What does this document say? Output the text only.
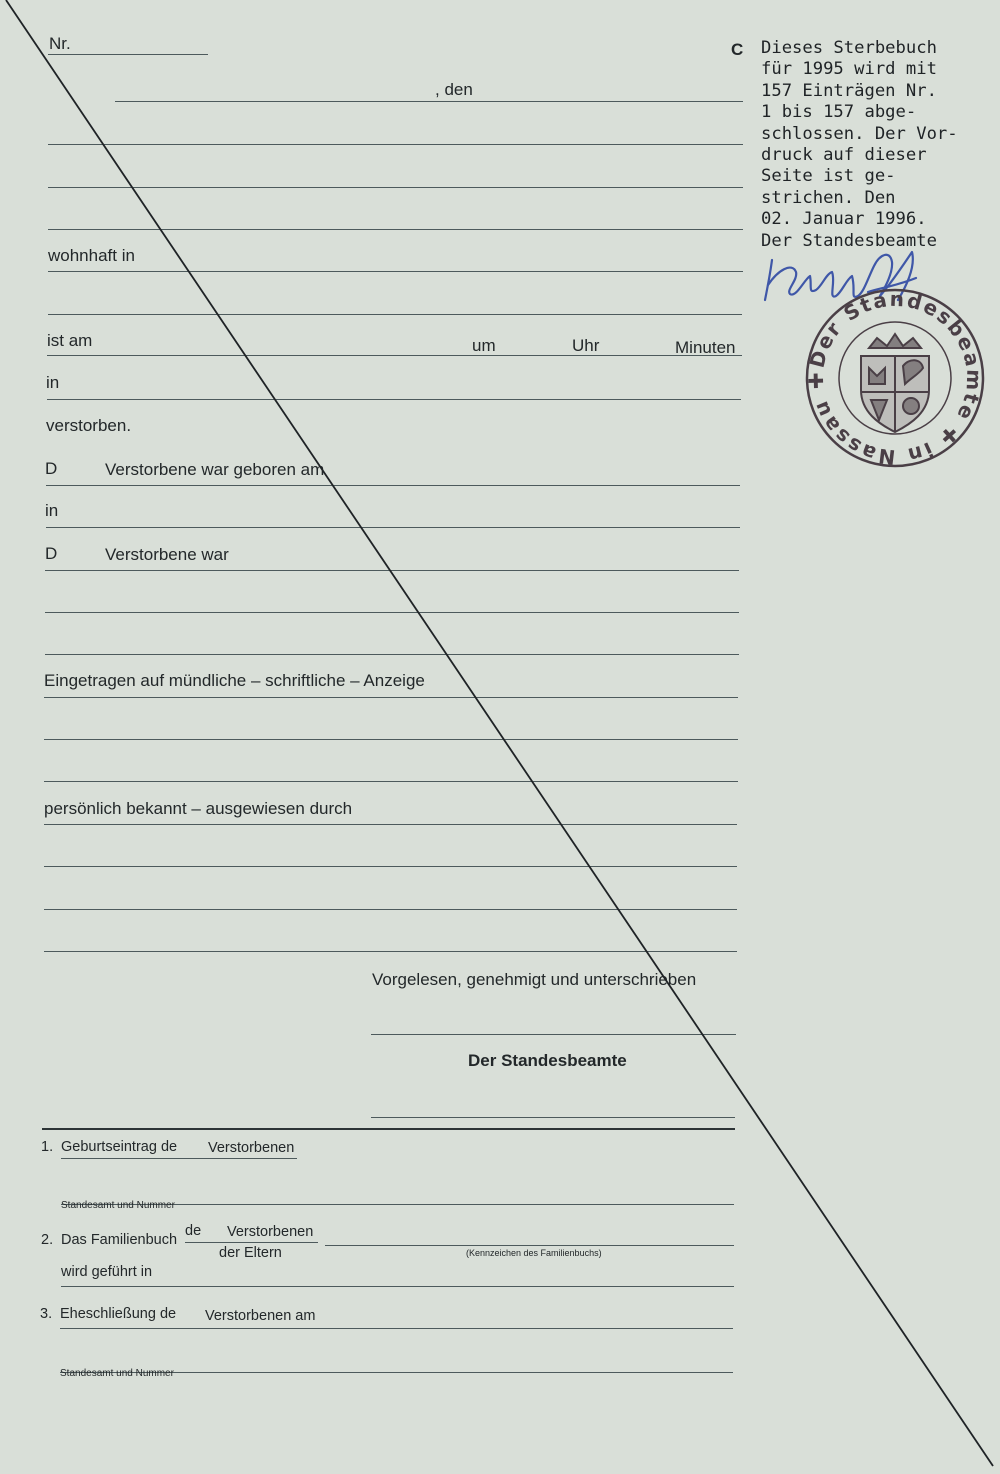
Nr.
, den
wohnhaft in
ist am	um	Uhr	Minuten
in
verstorben.
D	Verstorbene war geboren am
in
D	Verstorbene war
Eingetragen auf mündliche – schriftliche – Anzeige
persönlich bekannt – ausgewiesen durch
Vorgelesen, genehmigt und unterschrieben
Der Standesbeamte
1. Geburtseintrag de Verstorbenen
Standesamt und Nummer
2. Das Familienbuch
de Verstorbenen
der Eltern	(Kennzeichen des Familienbuchs)
wird geführt in
3. Eheschließung de Verstorbenen am
Standesamt und Nummer
C Dieses Sterbebuch
für 1995 wird mit
157 Einträgen Nr.
1 bis 157 abge-
schlossen. Der Vor-
druck auf dieser
Seite ist ge-
strichen. Den
02. Januar 1996.
Der Standesbeamte
Der Standesbeamte ✚ in Nassau ✚
